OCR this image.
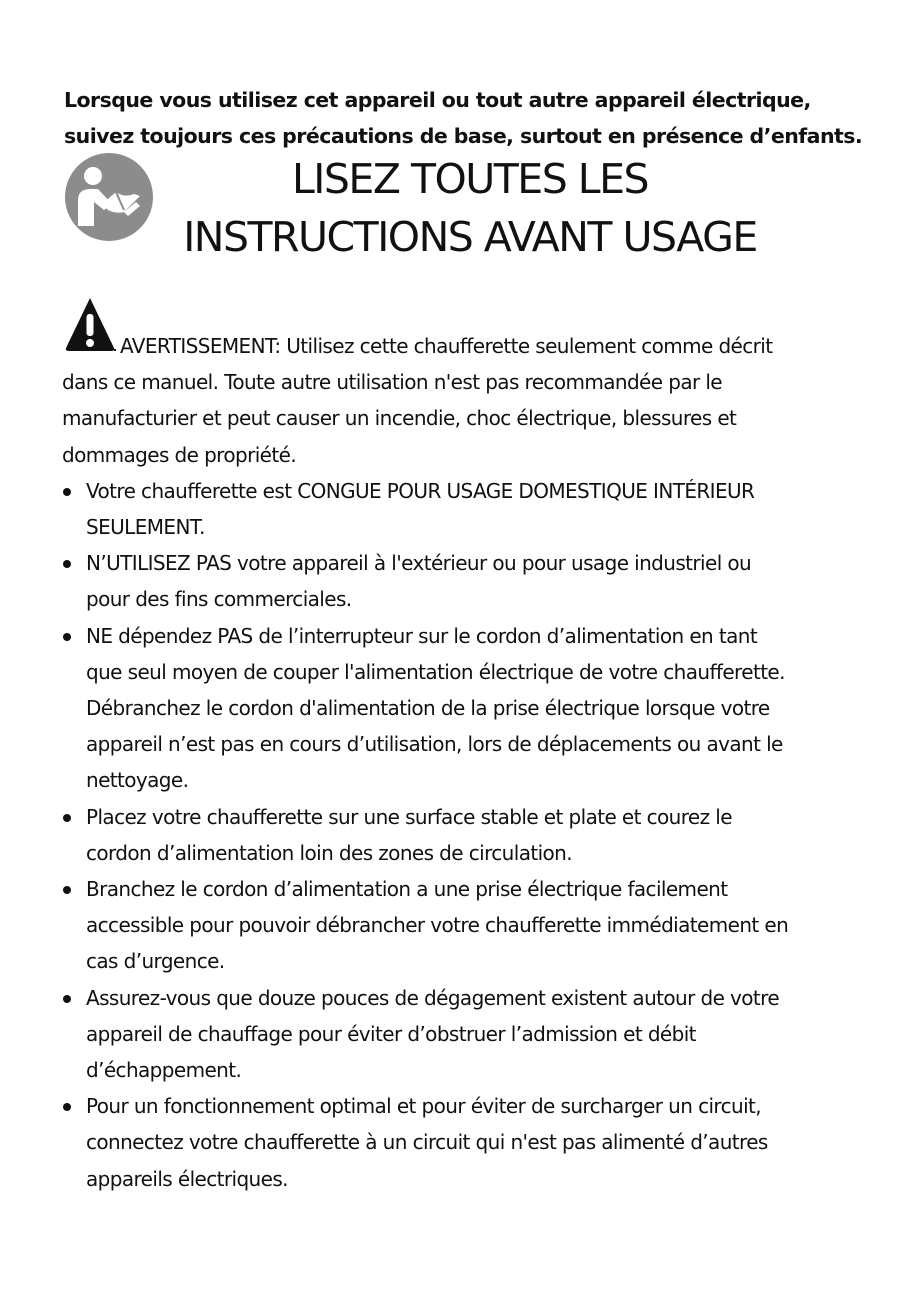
Lorsque vous utilisez cet appareil ou tout autre appareil électrique,
suivez toujours ces précautions de base, surtout en présence d’enfants.
LISEZ TOUTES LES
INSTRUCTIONS AVANT USAGE

AVERTISSEMENT: Utilisez cette chaufferette seulement comme décrit
dans ce manuel. Toute autre utilisation n'est pas recommandée par le
manufacturier et peut causer un incendie, choc électrique, blessures et
dommages de propriété.

Votre chaufferette est CONGUE POUR USAGE DOMESTIQUE INTÉRIEUR
SEULEMENT.
N’UTILISEZ PAS votre appareil à l'extérieur ou pour usage industriel ou
pour des fins commerciales.
NE dépendez PAS de l’interrupteur sur le cordon d’alimentation en tant
que seul moyen de couper l'alimentation électrique de votre chaufferette.
Débranchez le cordon d'alimentation de la prise électrique lorsque votre
appareil n’est pas en cours d’utilisation, lors de déplacements ou avant le
nettoyage.
Placez votre chaufferette sur une surface stable et plate et courez le
cordon d’alimentation loin des zones de circulation.
Branchez le cordon d’alimentation a une prise électrique facilement
accessible pour pouvoir débrancher votre chaufferette immédiatement en
cas d’urgence.
Assurez-vous que douze pouces de dégagement existent autour de votre
appareil de chauffage pour éviter d’obstruer l’admission et débit
d’échappement.
Pour un fonctionnement optimal et pour éviter de surcharger un circuit,
connectez votre chaufferette à un circuit qui n'est pas alimenté d’autres
appareils électriques.
